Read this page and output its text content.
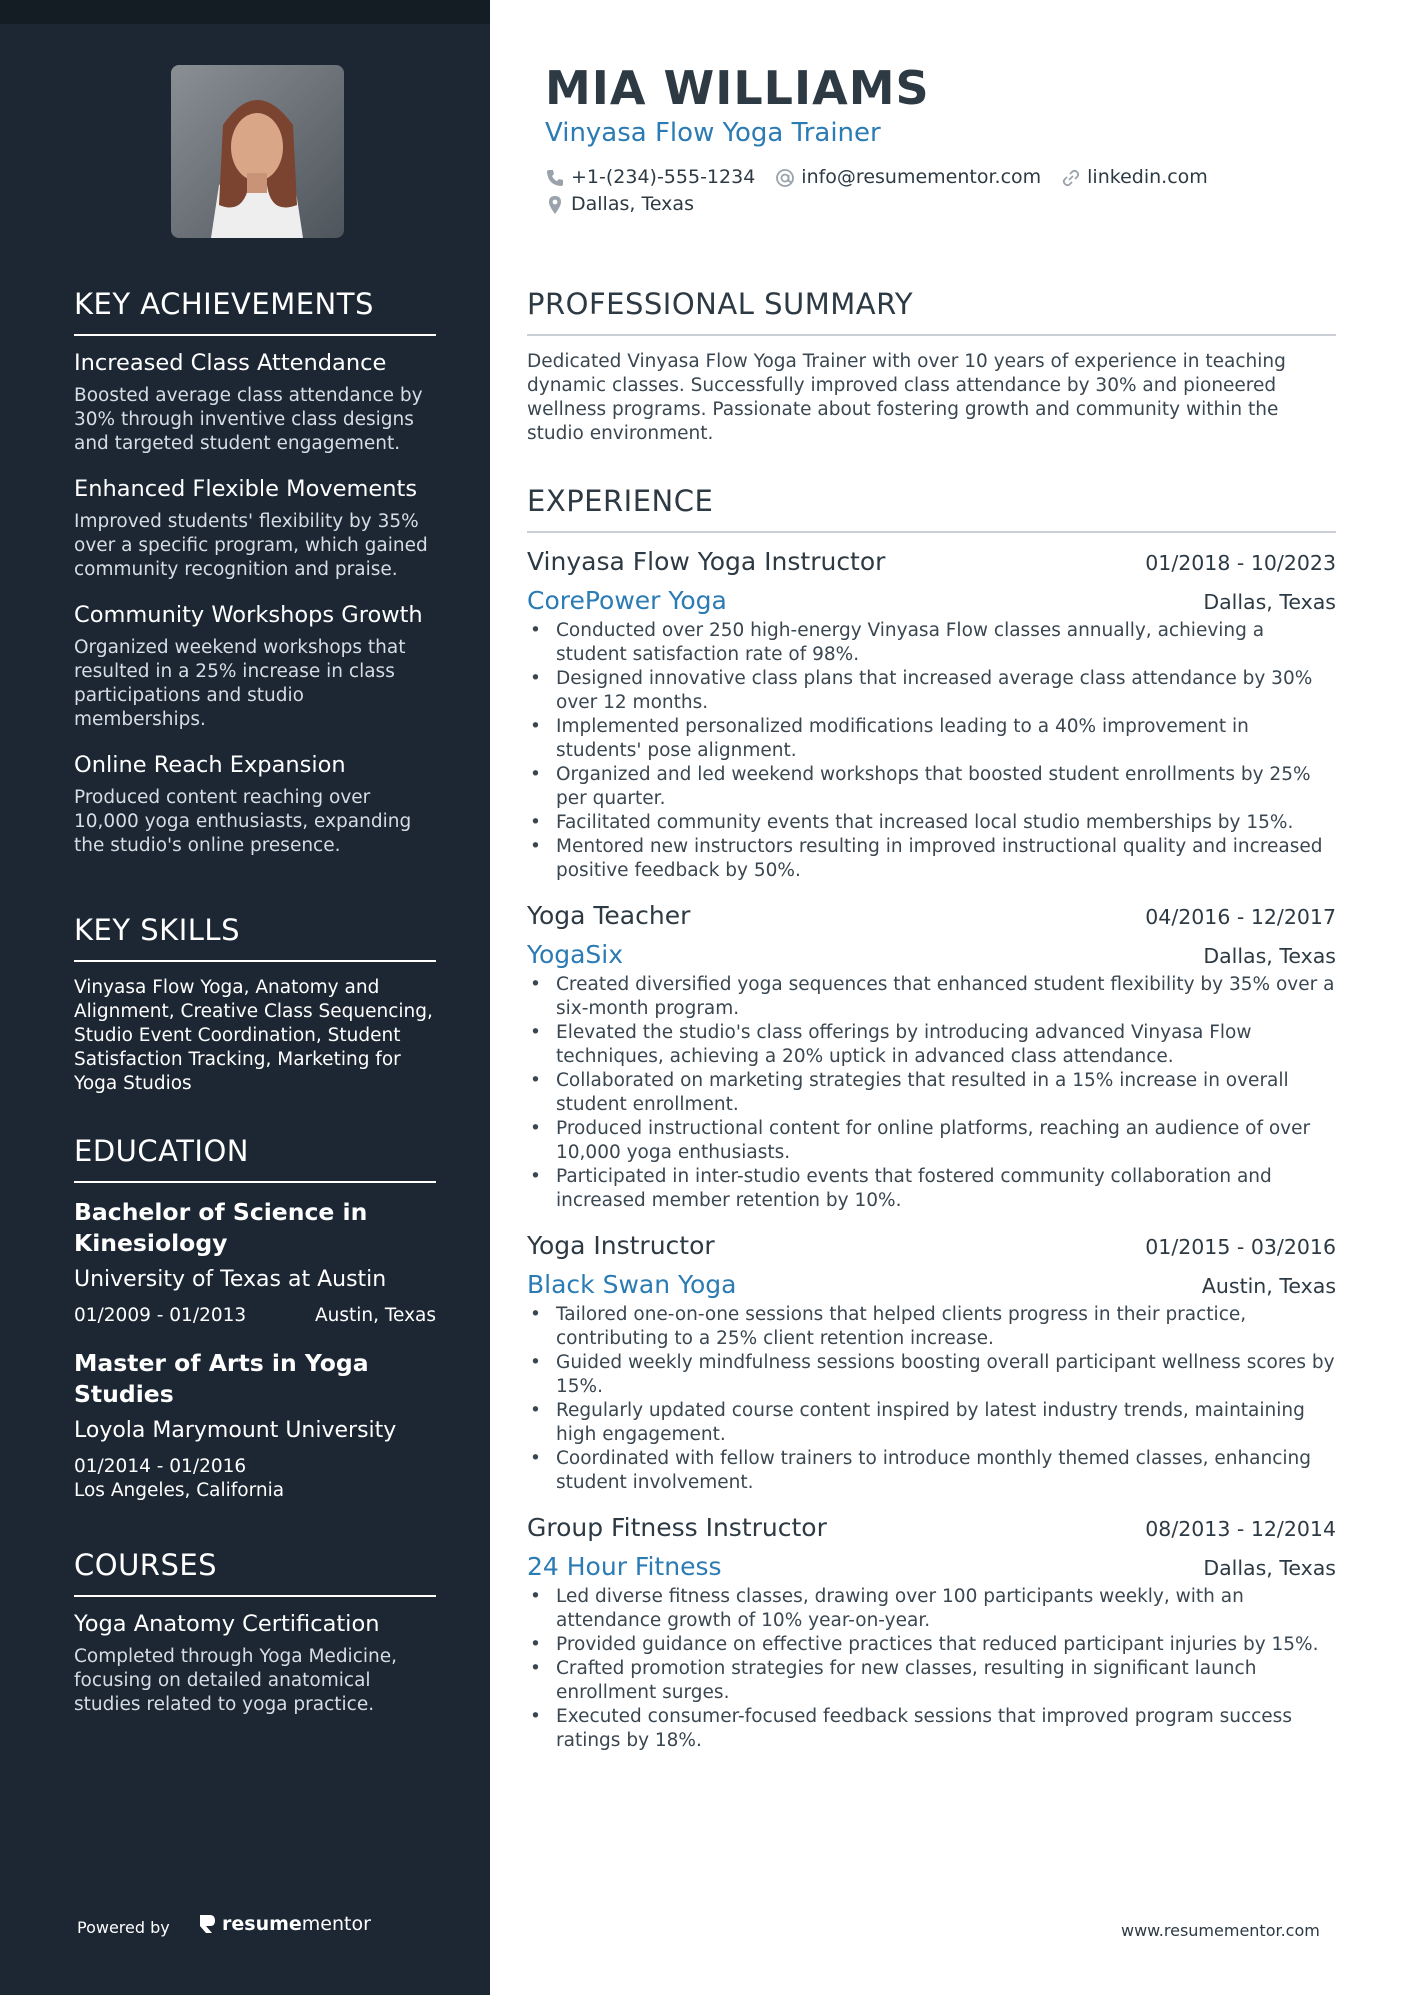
KEY ACHIEVEMENTS
Increased Class Attendance
Boosted average class attendance by 30% through inventive class designs and targeted student engagement.
Enhanced Flexible Movements
Improved students' flexibility by 35% over a specific program, which gained community recognition and praise.
Community Workshops Growth
Organized weekend workshops that resulted in a 25% increase in class participations and studio memberships.
Online Reach Expansion
Produced content reaching over 10,000 yoga enthusiasts, expanding the studio's online presence.
KEY SKILLS
Vinyasa Flow Yoga, Anatomy and Alignment, Creative Class Sequencing, Studio Event Coordination, Student Satisfaction Tracking, Marketing for Yoga Studios
EDUCATION
Bachelor of Science in Kinesiology
University of Texas at Austin
01/2009 - 01/2013	Austin, Texas
Master of Arts in Yoga Studies
Loyola Marymount University
01/2014 - 01/2016
Los Angeles, California
COURSES
Yoga Anatomy Certification
Completed through Yoga Medicine, focusing on detailed anatomical studies related to yoga practice.
Powered by	resumementor
MIA WILLIAMS
Vinyasa Flow Yoga Trainer
+1-(234)-555-1234 info@resumementor.com linkedin.com
Dallas, Texas
PROFESSIONAL SUMMARY
Dedicated Vinyasa Flow Yoga Trainer with over 10 years of experience in teaching dynamic classes. Successfully improved class attendance by 30% and pioneered wellness programs. Passionate about fostering growth and community within the studio environment.
EXPERIENCE
Vinyasa Flow Yoga Instructor	01/2018 - 10/2023
CorePower Yoga	Dallas, Texas
• Conducted over 250 high-energy Vinyasa Flow classes annually, achieving a student satisfaction rate of 98%.
• Designed innovative class plans that increased average class attendance by 30% over 12 months.
• Implemented personalized modifications leading to a 40% improvement in students' pose alignment.
• Organized and led weekend workshops that boosted student enrollments by 25% per quarter.
• Facilitated community events that increased local studio memberships by 15%.
• Mentored new instructors resulting in improved instructional quality and increased positive feedback by 50%.
Yoga Teacher	04/2016 - 12/2017
YogaSix	Dallas, Texas
• Created diversified yoga sequences that enhanced student flexibility by 35% over a six-month program.
• Elevated the studio's class offerings by introducing advanced Vinyasa Flow techniques, achieving a 20% uptick in advanced class attendance.
• Collaborated on marketing strategies that resulted in a 15% increase in overall student enrollment.
• Produced instructional content for online platforms, reaching an audience of over 10,000 yoga enthusiasts.
• Participated in inter-studio events that fostered community collaboration and increased member retention by 10%.
Yoga Instructor	01/2015 - 03/2016
Black Swan Yoga	Austin, Texas
• Tailored one-on-one sessions that helped clients progress in their practice, contributing to a 25% client retention increase.
• Guided weekly mindfulness sessions boosting overall participant wellness scores by 15%.
• Regularly updated course content inspired by latest industry trends, maintaining high engagement.
• Coordinated with fellow trainers to introduce monthly themed classes, enhancing student involvement.
Group Fitness Instructor	08/2013 - 12/2014
24 Hour Fitness	Dallas, Texas
• Led diverse fitness classes, drawing over 100 participants weekly, with an attendance growth of 10% year-on-year.
• Provided guidance on effective practices that reduced participant injuries by 15%.
• Crafted promotion strategies for new classes, resulting in significant launch enrollment surges.
• Executed consumer-focused feedback sessions that improved program success ratings by 18%.
www.resumementor.com
